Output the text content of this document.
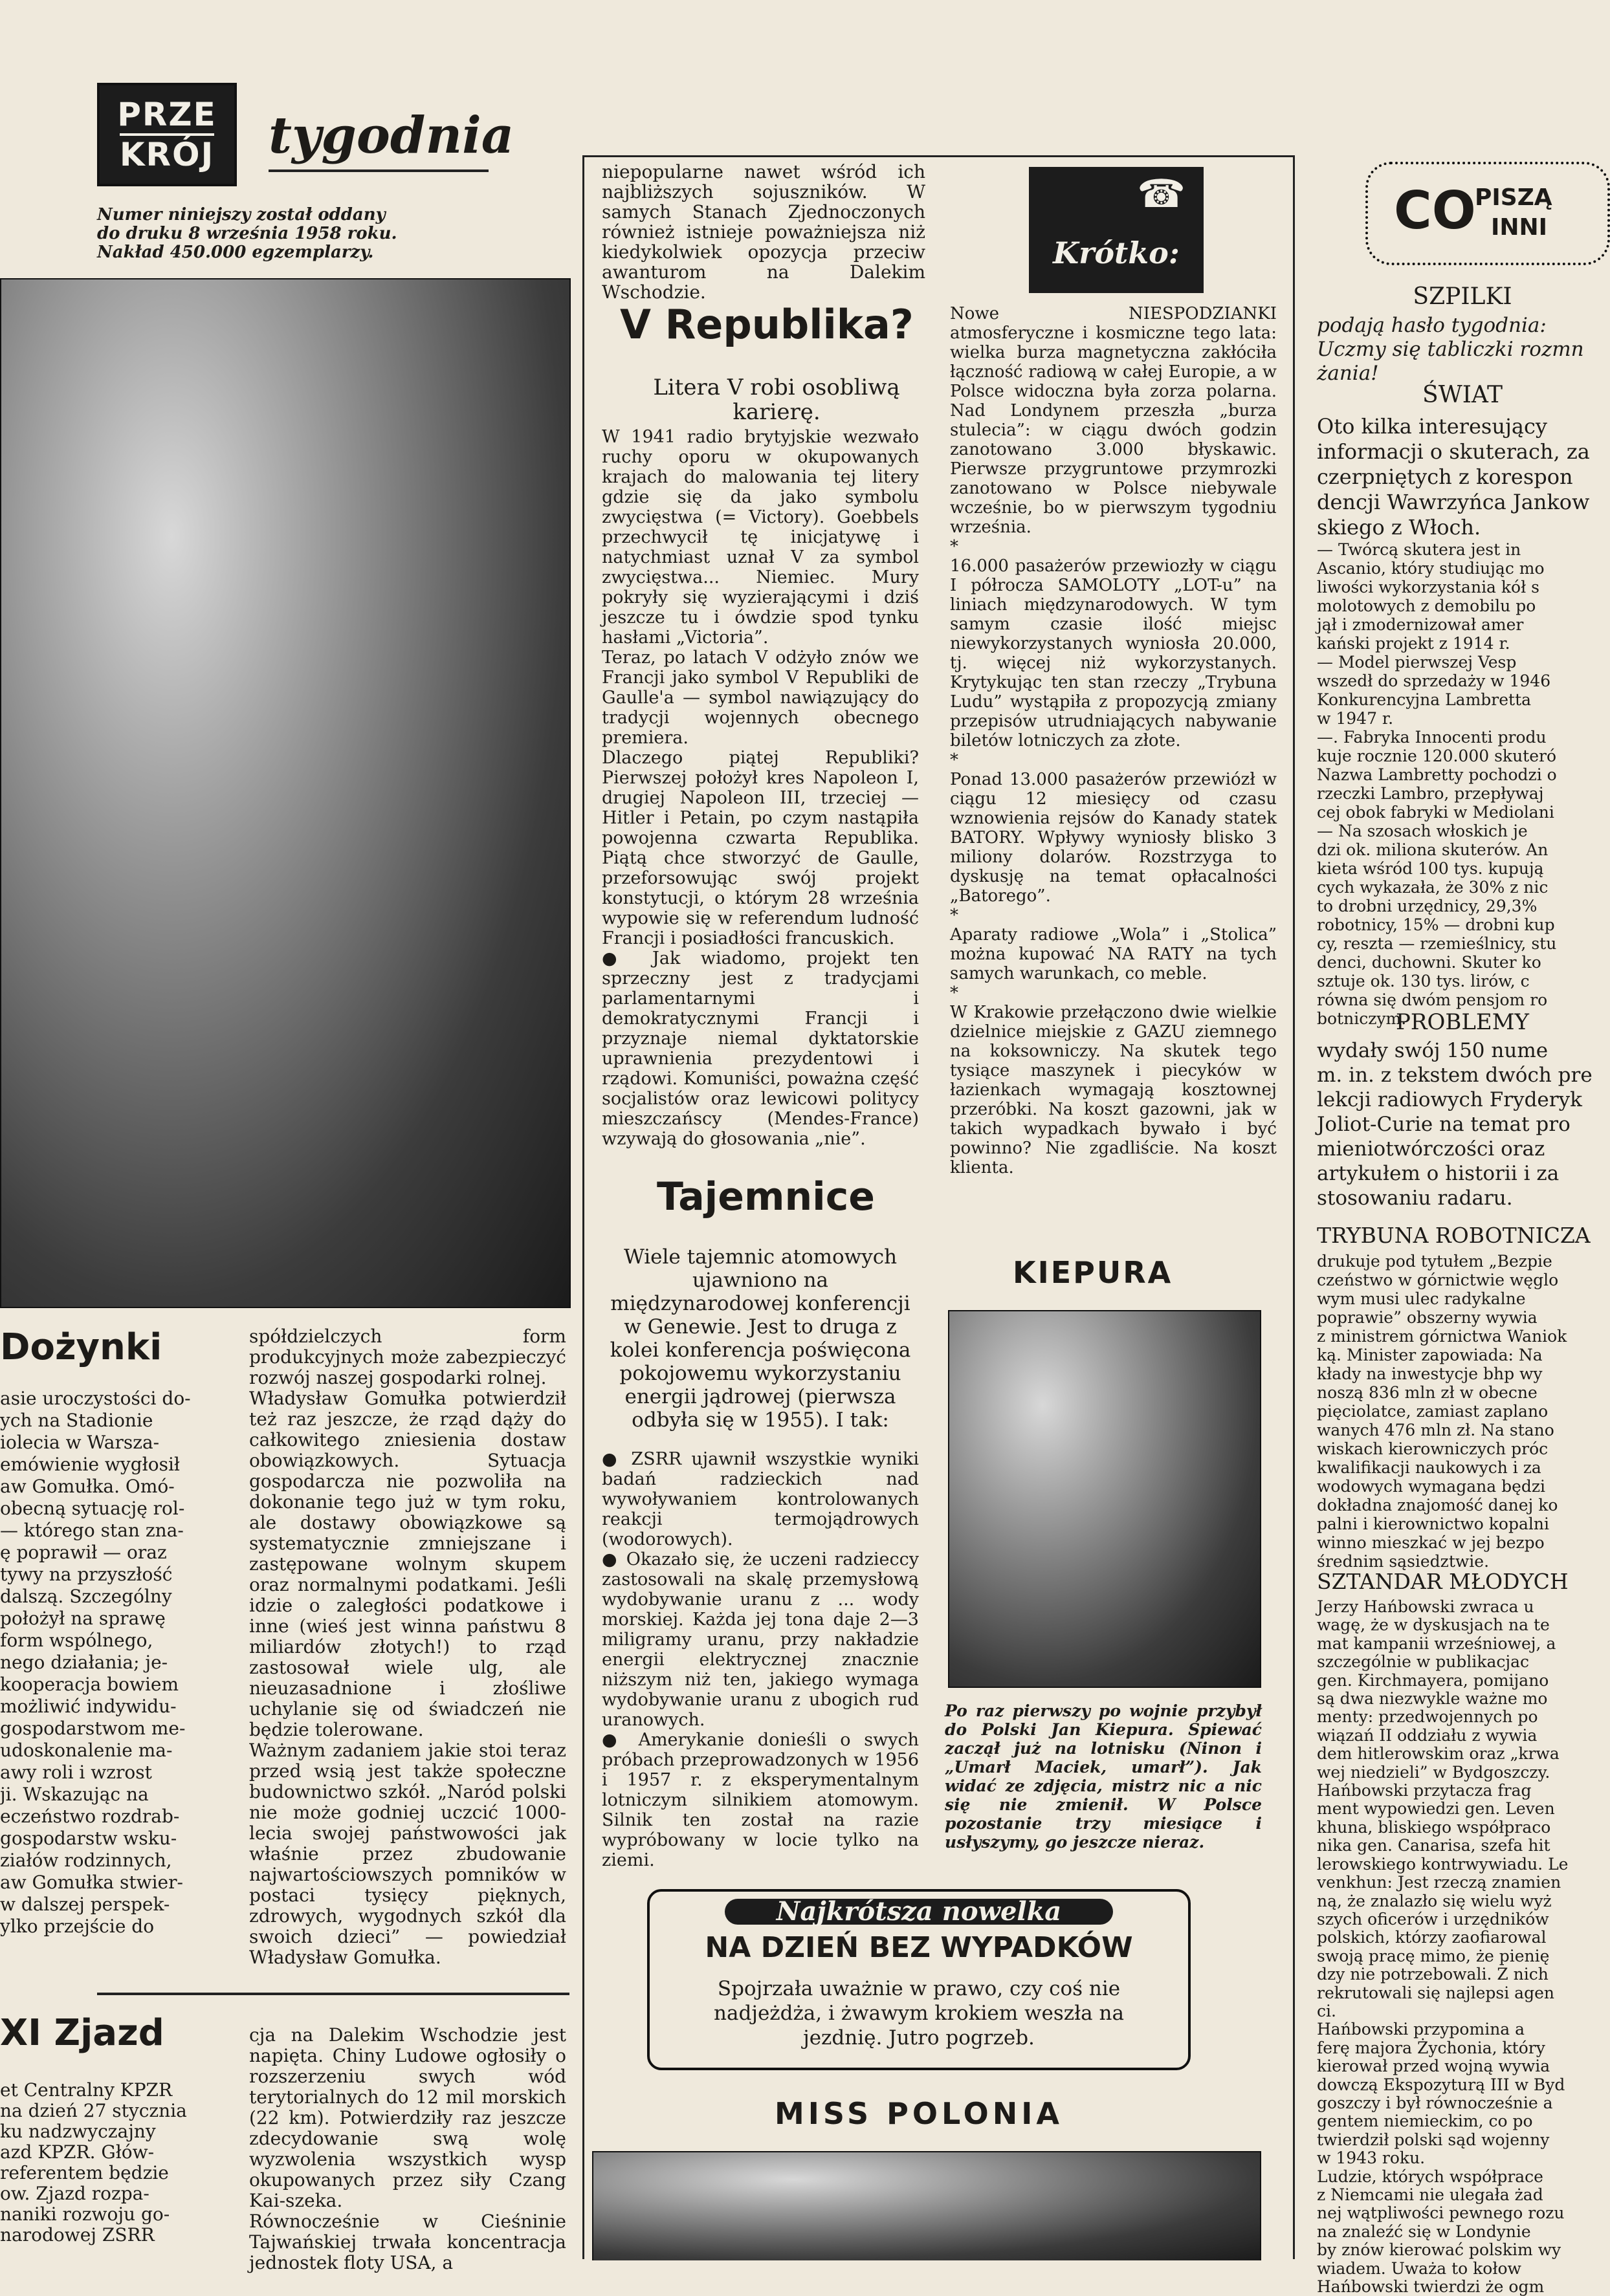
PRZE
KRÓJ tygodnia
Numer niniejszy został oddany do druku 8 września 1958 roku. Nakład 450.000 egzemplarzy.
Dożynki
asie uroczystości do-
ych na Stadionie
iolecia w Warsza-
emówienie wygłosił
aw Gomułka. Omó-
obecną sytuację rol-
— którego stan zna-
ę poprawił — oraz
tywy na przyszłość
dalszą. Szczególny
położył na sprawę
form wspólnego,
nego działania; je-
kooperacja bowiem
możliwić indywidu-
gospodarstwom me-
udoskonalenie ma-
awy roli i wzrost
ji. Wskazując na
eczeństwo rozdrab-
gospodarstw wsku-
ziałów rodzinnych,
aw Gomułka stwier-
w dalszej perspek-
ylko przejście do
spółdzielczych form produkcyjnych może zabezpieczyć rozwój naszej gospodarki rolnej.
Władysław Gomułka potwierdził też raz jeszcze, że rząd dąży do całkowitego zniesienia dostaw obowiązkowych. Sytuacja gospodarcza nie pozwoliła na dokonanie tego już w tym roku, ale dostawy obowiązkowe są systematycznie zmniejszane i zastępowane wolnym skupem oraz normalnymi podatkami. Jeśli idzie o zaległości podatkowe i inne (wieś jest winna państwu 8 miliardów złotych!) to rząd zastosował wiele ulg, ale nieuzasadnione i złośliwe uchylanie się od świadczeń nie będzie tolerowane.
Ważnym zadaniem jakie stoi teraz przed wsią jest także społeczne budownictwo szkół. „Naród polski nie może godniej uczcić 1000-lecia swojej państwowości jak właśnie przez zbudowanie najwartościowszych pomników w postaci tysięcy pięknych, zdrowych, wygodnych szkół dla swoich dzieci” — powiedział Władysław Gomułka.
XI Zjazd
et Centralny KPZR
na dzień 27 stycznia
ku nadzwyczajny
azd KPZR. Głów-
referentem będzie
ow. Zjazd rozpa-
naniki rozwoju go-
narodowej ZSRR
cja na Dalekim Wschodzie jest napięta. Chiny Ludowe ogłosiły o rozszerzeniu swych wód terytorialnych do 12 mil morskich (22 km). Potwierdziły raz jeszcze zdecydowanie swą wolę wyzwolenia wszystkich wysp okupowanych przez siły Czang Kai-szeka.
Równocześnie w Cieśninie Tajwańskiej trwała koncentracja jednostek floty USA, a
niepopularne nawet wśród ich najbliższych sojuszników. W samych Stanach Zjednoczonych również istnieje poważniejsza niż kiedykolwiek opozycja przeciw awanturom na Dalekim Wschodzie.
V Republika?
Litera V robi osobliwą karierę.
W 1941 radio brytyjskie wezwało ruchy oporu w okupowanych krajach do malowania tej litery gdzie się da jako symbolu zwycięstwa (= Victory). Goebbels przechwycił tę inicjatywę i natychmiast uznał V za symbol zwycięstwa... Niemiec. Mury pokryły się wyzierającymi i dziś jeszcze tu i ówdzie spod tynku hasłami „Victoria”.
Teraz, po latach V odżyło znów we Francji jako symbol V Republiki de Gaulle'a — symbol nawiązujący do tradycji wojennych obecnego premiera.
Dlaczego piątej Republiki? Pierwszej położył kres Napoleon I, drugiej Napoleon III, trzeciej — Hitler i Petain, po czym nastąpiła powojenna czwarta Republika. Piątą chce stworzyć de Gaulle, przeforsowując swój projekt konstytucji, o którym 28 września wypowie się w referendum ludność Francji i posiadłości francuskich.
● Jak wiadomo, projekt ten sprzeczny jest z tradycjami parlamentarnymi i demokratycznymi Francji i przyznaje niemal dyktatorskie uprawnienia prezydentowi i rządowi. Komuniści, poważna część socjalistów oraz lewicowi politycy mieszczańscy (Mendes-France) wzywają do głosowania „nie”.
Tajemnice
Wiele tajemnic atomowych ujawniono na międzynarodowej konferencji w Genewie. Jest to druga z kolei konferencja poświęcona pokojowemu wykorzystaniu energii jądrowej (pierwsza odbyła się w 1955). I tak:
● ZSRR ujawnił wszystkie wyniki badań radzieckich nad wywoływaniem kontrolowanych reakcji termojądrowych (wodorowych).
● Okazało się, że uczeni radzieccy zastosowali na skalę przemysłową wydobywanie uranu z ... wody morskiej. Każda jej tona daje 2—3 miligramy uranu, przy nakładzie energii elektrycznej znacznie niższym niż ten, jakiego wymaga wydobywanie uranu z ubogich rud uranowych.
● Amerykanie donieśli o swych próbach przeprowadzonych w 1956 i 1957 r. z eksperymentalnym lotniczym silnikiem atomowym. Silnik ten został na razie wypróbowany w locie tylko na ziemi.
☎
Krótko:
Nowe NIESPODZIANKI atmosferyczne i kosmiczne tego lata: wielka burza magnetyczna zakłóciła łączność radiową w całej Europie, a w Polsce widoczna była zorza polarna. Nad Londynem przeszła „burza stulecia”: w ciągu dwóch godzin zanotowano 3.000 błyskawic. Pierwsze przygruntowe przymrozki zanotowano w Polsce niebywale wcześnie, bo w pierwszym tygodniu września.
*
16.000 pasażerów przewiozły w ciągu I półrocza SAMOLOTY „LOT-u” na liniach międzynarodowych. W tym samym czasie ilość miejsc niewykorzystanych wyniosła 20.000, tj. więcej niż wykorzystanych. Krytykując ten stan rzeczy „Trybuna Ludu” wystąpiła z propozycją zmiany przepisów utrudniających nabywanie biletów lotniczych za złote.
*
Ponad 13.000 pasażerów przewiózł w ciągu 12 miesięcy od czasu wznowienia rejsów do Kanady statek BATORY. Wpływy wyniosły blisko 3 miliony dolarów. Rozstrzyga to dyskusję na temat opłacalności „Batorego”.
*
Aparaty radiowe „Wola” i „Stolica” można kupować NA RATY na tych samych warunkach, co meble.
*
W Krakowie przełączono dwie wielkie dzielnice miejskie z GAZU ziemnego na koksowniczy. Na skutek tego tysiące maszynek i piecyków w łazienkach wymagają kosztownej przeróbki. Na koszt gazowni, jak w takich wypadkach bywało i być powinno? Nie zgadliście. Na koszt klienta.
KIEPURA
Po raz pierwszy po wojnie przybył do Polski Jan Kiepura. Śpiewać zaczął już na lotnisku (Ninon i „Umarł Maciek, umarł”). Jak widać ze zdjęcia, mistrz nic a nic się nie zmienił. W Polsce pozostanie trzy miesiące i usłyszymy, go jeszcze nieraz.
Najkrótsza nowelka
NA DZIEŃ BEZ WYPADKÓW
Spojrzała uważnie w prawo, czy coś nie nadjeżdża, i żwawym krokiem weszła na jezdnię. Jutro pogrzeb.
MISS POLONIA
CO
PISZĄ
INNI
SZPILKI
podają hasło tygodnia:
Uczmy się tabliczki rozmn
żania!
ŚWIAT
Oto kilka interesujący
informacji o skuterach, za
czerpniętych z korespon
dencji Wawrzyńca Jankow
skiego z Włoch.
— Twórcą skutera jest in
Ascanio, który studiując mo
liwości wykorzystania kół s
molotowych z demobilu po
jął i zmodernizował amer
kański projekt z 1914 r.
— Model pierwszej Vesp
wszedł do sprzedaży w 1946
Konkurencyjna Lambretta
w 1947 r.
—. Fabryka Innocenti produ
kuje rocznie 120.000 skuteró
Nazwa Lambretty pochodzi o
rzeczki Lambro, przepływaj
cej obok fabryki w Mediolani
— Na szosach włoskich je
dzi ok. miliona skuterów. An
kieta wśród 100 tys. kupują
cych wykazała, że 30% z nic
to drobni urzędnicy, 29,3%
robotnicy, 15% — drobni kup
cy, reszta — rzemieślnicy, stu
denci, duchowni. Skuter ko
sztuje ok. 130 tys. lirów, c
równa się dwóm pensjom ro
botniczym.
PROBLEMY
wydały swój 150 nume
m. in. z tekstem dwóch pre
lekcji radiowych Fryderyk
Joliot-Curie na temat pro
mieniotwórczości oraz
artykułem o historii i za
stosowaniu radaru.
TRYBUNA ROBOTNICZA
drukuje pod tytułem „Bezpie
czeństwo w górnictwie węglo
wym musi ulec radykalne
poprawie” obszerny wywia
z ministrem górnictwa Waniok
ką. Minister zapowiada: Na
kłady na inwestycje bhp wy
noszą 836 mln zł w obecne
pięciolatce, zamiast zaplano
wanych 476 mln zł. Na stano
wiskach kierowniczych próc
kwalifikacji naukowych i za
wodowych wymagana będzi
dokładna znajomość danej ko
palni i kierownictwo kopalni
winno mieszkać w jej bezpo
średnim sąsiedztwie.
SZTANDAR MŁODYCH
Jerzy Hańbowski zwraca u
wagę, że w dyskusjach na te
mat kampanii wrześniowej, a
szczególnie w publikacjac
gen. Kirchmayera, pomijano
są dwa niezwykle ważne mo
menty: przedwojennych po
wiązań II oddziału z wywia
dem hitlerowskim oraz „krwa
wej niedzieli” w Bydgoszczy.
Hańbowski przytacza frag
ment wypowiedzi gen. Leven
khuna, bliskiego współpraco
nika gen. Canarisa, szefa hit
lerowskiego kontrwywiadu. Le
venkhun: Jest rzeczą znamien
ną, że znalazło się wielu wyż
szych oficerów i urzędników
polskich, którzy zaofiarowal
swoją pracę mimo, że pienię
dzy nie potrzebowali. Z nich
rekrutowali się najlepsi agen
ci.
Hańbowski przypomina a
ferę majora Żychonia, który
kierował przed wojną wywia
dowczą Ekspozyturą III w Byd
goszczy i był równocześnie a
gentem niemieckim, co po
twierdził polski sąd wojenny
w 1943 roku.
Ludzie, których współprace
z Niemcami nie ulegała żad
nej wątpliwości pewnego rozu
na znaleźć się w Londynie
by znów kierować polskim wy
wiadem. Uważa to kołow
Hańbowski twierdzi że ogm
